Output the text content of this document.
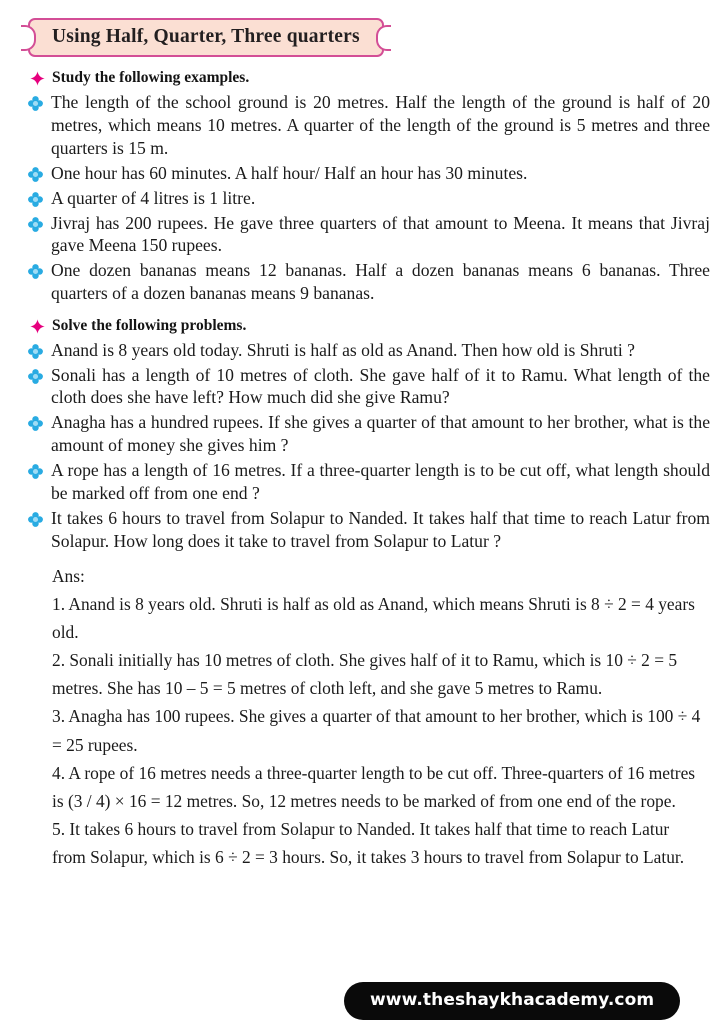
Using Half, Quarter, Three quarters
Study the following examples.
The length of the school ground is 20 metres. Half the length of the ground is half of 20 metres, which means 10 metres. A quarter of the length of the ground is 5 metres and three quarters is 15 m.
One hour has 60 minutes. A half hour/ Half an hour has 30 minutes.
A quarter of 4 litres is 1 litre.
Jivraj has 200 rupees. He gave three quarters of that amount to Meena. It means that Jivraj gave Meena 150 rupees.
One dozen bananas means 12 bananas. Half a dozen bananas means 6 bananas. Three quarters of a dozen bananas means 9 bananas.
Solve the following problems.
Anand is 8 years old today. Shruti is half as old as Anand. Then how old is Shruti ?
Sonali has a length of 10 metres of cloth. She gave half of it to Ramu. What length of the cloth does she have left? How much did she give Ramu?
Anagha has a hundred rupees. If she gives a quarter of that amount to her brother, what is the amount of money she gives him ?
A rope has a length of 16 metres. If a three-quarter length is to be cut off, what length should be marked off from one end ?
It takes 6 hours to travel from Solapur to Nanded. It takes half that time to reach Latur from Solapur. How long does it take to travel from Solapur to Latur ?
Ans:
1. Anand is 8 years old. Shruti is half as old as Anand, which means Shruti is 8 ÷ 2 = 4 years old.
2. Sonali initially has 10 metres of cloth. She gives half of it to Ramu, which is 10 ÷ 2 = 5 metres. She has 10 – 5 = 5 metres of cloth left, and she gave 5 metres to Ramu.
3. Anagha has 100 rupees. She gives a quarter of that amount to her brother, which is 100 ÷ 4 = 25 rupees.
4. A rope of 16 metres needs a three-quarter length to be cut off. Three-quarters of 16 metres is (3 / 4) × 16 = 12 metres. So, 12 metres needs to be marked of from one end of the rope.
5. It takes 6 hours to travel from Solapur to Nanded. It takes half that time to reach Latur from Solapur, which is 6 ÷ 2 = 3 hours. So, it takes 3 hours to travel from Solapur to Latur.
www.theshaykhacademy.com
